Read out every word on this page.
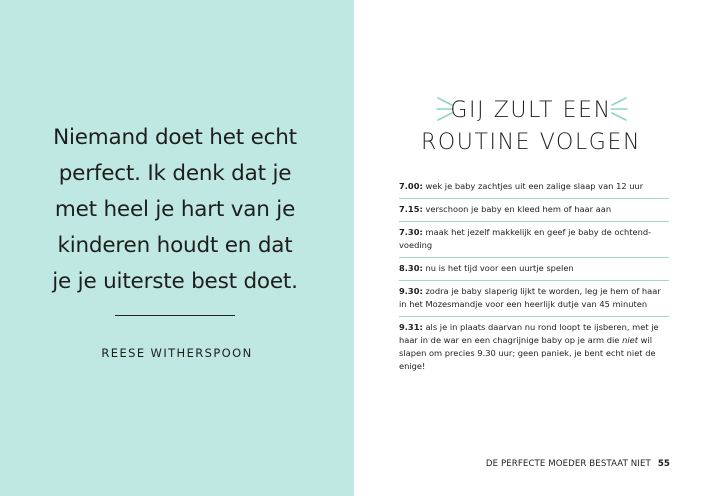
Niemand doet het echt
perfect. Ik denk dat je
met heel je hart van je
kinderen houdt en dat
je je uiterste best doet.
REESE WITHERSPOON
GIJ ZULT EEN
ROUTINE VOLGEN
7.00: wek je baby zachtjes uit een zalige slaap van 12 uur
7.15: verschoon je baby en kleed hem of haar aan
7.30: maak het jezelf makkelijk en geef je baby de ochtend-voeding
8.30: nu is het tijd voor een uurtje spelen
9.30: zodra je baby slaperig lijkt te worden, leg je hem of haar in het Mozesmandje voor een heerlijk dutje van 45 minuten
9.31: als je in plaats daarvan nu rond loopt te ijsberen, met je haar in de war en een chagrijnige baby op je arm die niet wil slapen om precies 9.30 uur; geen paniek, je bent echt niet de enige!
DE PERFECTE MOEDER BESTAAT NIET 55
